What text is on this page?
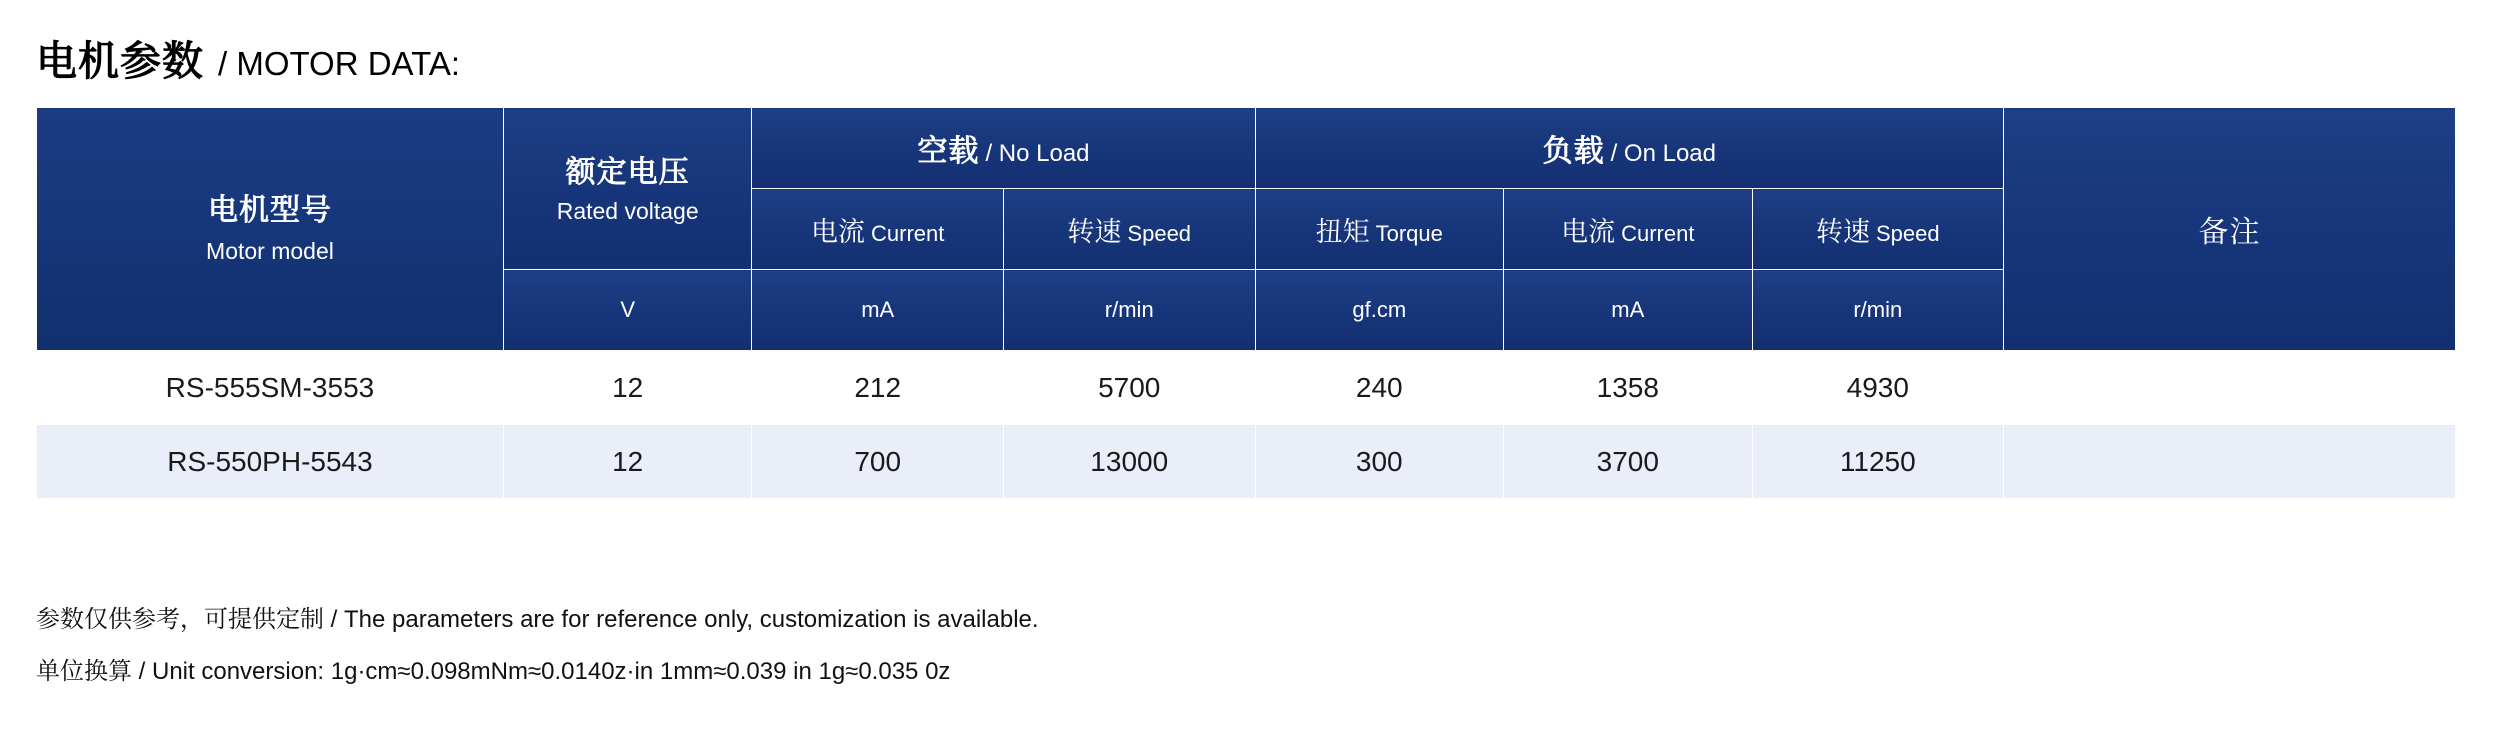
电机参数 / MOTOR DATA:
电机型号
Motor model	额定电压
Rated voltage	空载 / No Load		负载 / On Load			备注
		电流 Current	转速 Speed	扭矩 Torque	电流 Current	转速 Speed	
	V	mA	r/min	gf.cm	mA	r/min	
RS-555SM-3553	12	212	5700	240	1358	4930	
RS-550PH-5543	12	700	13000	300	3700	11250	
参数仅供参考，可提供定制 / The parameters are for reference only, customization is available.
单位换算 / Unit conversion: 1g·cm≈0.098mNm≈0.0140z·in 1mm≈0.039 in 1g≈0.035 0z
